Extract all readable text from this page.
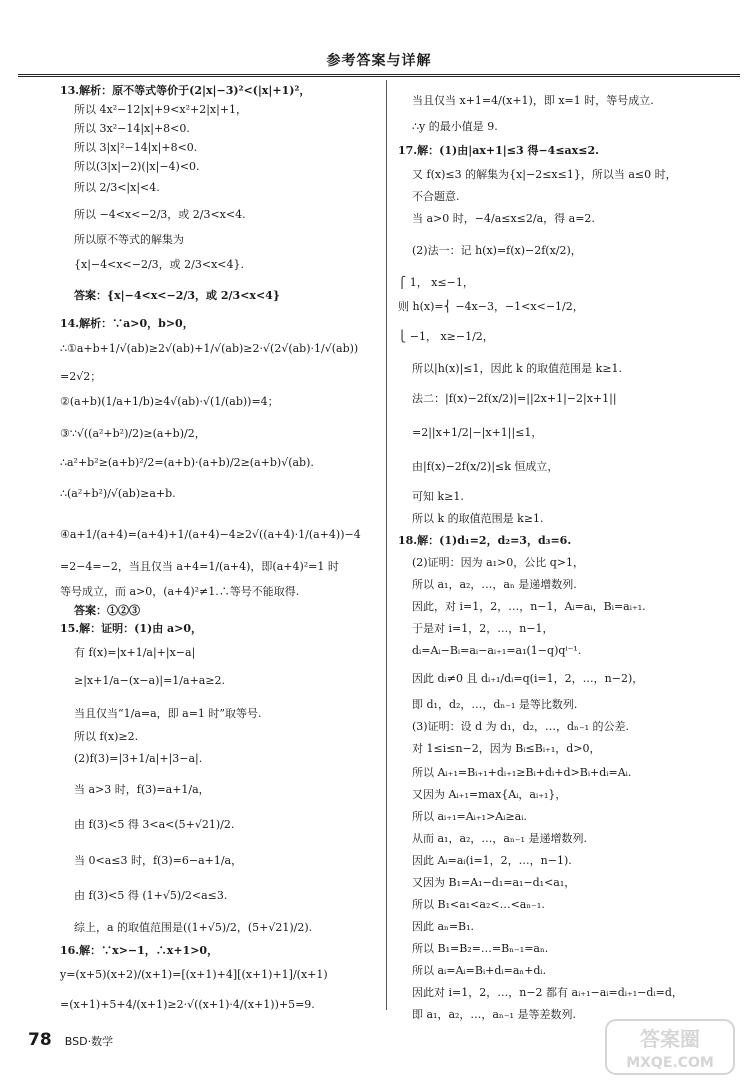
参考答案与详解
13.解析：原不等式等价于(2|x|−3)²<(|x|+1)²，
所以 4x²−12|x|+9<x²+2|x|+1，
所以 3x²−14|x|+8<0.
所以 3|x|²−14|x|+8<0.
所以(3|x|−2)(|x|−4)<0.
所以 2/3<|x|<4.
所以 −4<x<−2/3，或 2/3<x<4.
所以原不等式的解集为
{x|−4<x<−2/3，或 2/3<x<4}.
答案：{x|−4<x<−2/3，或 2/3<x<4}
14.解析：∵a>0，b>0，
∴①a+b+1/√(ab)≥2√(ab)+1/√(ab)≥2·√(2√(ab)·1/√(ab))
=2√2；
②(a+b)(1/a+1/b)≥4√(ab)·√(1/(ab))=4；
③∵√((a²+b²)/2)≥(a+b)/2，
∴a²+b²≥(a+b)²/2=(a+b)·(a+b)/2≥(a+b)√(ab).
∴(a²+b²)/√(ab)≥a+b.
④a+1/(a+4)=(a+4)+1/(a+4)−4≥2√((a+4)·1/(a+4))−4
=2−4=−2，当且仅当 a+4=1/(a+4)，即(a+4)²=1 时
等号成立，而 a>0，(a+4)²≠1.∴等号不能取得.
答案：①②③
15.解：证明：(1)由 a>0，
有 f(x)=|x+1/a|+|x−a|
≥|x+1/a−(x−a)|=1/a+a≥2.
当且仅当“1/a=a，即 a=1 时”取等号.
所以 f(x)≥2.
(2)f(3)=|3+1/a|+|3−a|.
当 a>3 时，f(3)=a+1/a，
由 f(3)<5 得 3<a<(5+√21)/2.
当 0<a≤3 时，f(3)=6−a+1/a，
由 f(3)<5 得 (1+√5)/2<a≤3.
综上，a 的取值范围是((1+√5)/2，(5+√21)/2).
16.解：∵x>−1，∴x+1>0，
y=(x+5)(x+2)/(x+1)=[(x+1)+4][(x+1)+1]/(x+1)
=(x+1)+5+4/(x+1)≥2·√((x+1)·4/(x+1))+5=9.
当且仅当 x+1=4/(x+1)，即 x=1 时，等号成立.
∴y 的最小值是 9.
17.解：(1)由|ax+1|≤3 得−4≤ax≤2.
又 f(x)≤3 的解集为{x|−2≤x≤1}，所以当 a≤0 时，
不合题意.
当 a>0 时，−4/a≤x≤2/a，得 a=2.
(2)法一：记 h(x)=f(x)−2f(x/2)，
⎧ 1， x≤−1，
则 h(x)=⎨ −4x−3，−1<x<−1/2，
⎩ −1， x≥−1/2，
所以|h(x)|≤1，因此 k 的取值范围是 k≥1.
法二：|f(x)−2f(x/2)|=||2x+1|−2|x+1||
=2||x+1/2|−|x+1||≤1，
由|f(x)−2f(x/2)|≤k 恒成立，
可知 k≥1.
所以 k 的取值范围是 k≥1.
18.解：(1)d₁=2，d₂=3，d₃=6.
(2)证明：因为 a₁>0，公比 q>1，
所以 a₁，a₂，…，aₙ 是递增数列.
因此，对 i=1，2，…，n−1，Aᵢ=aᵢ，Bᵢ=aᵢ₊₁.
于是对 i=1，2，…，n−1，
dᵢ=Aᵢ−Bᵢ=aᵢ−aᵢ₊₁=a₁(1−q)qⁱ⁻¹.
因此 dᵢ≠0 且 dᵢ₊₁/dᵢ=q(i=1，2，…，n−2)，
即 d₁，d₂，…，dₙ₋₁ 是等比数列.
(3)证明：设 d 为 d₁，d₂，…，dₙ₋₁ 的公差.
对 1≤i≤n−2，因为 Bᵢ≤Bᵢ₊₁，d>0，
所以 Aᵢ₊₁=Bᵢ₊₁+dᵢ₊₁≥Bᵢ+dᵢ+d>Bᵢ+dᵢ=Aᵢ.
又因为 Aᵢ₊₁=max{Aᵢ，aᵢ₊₁}，
所以 aᵢ₊₁=Aᵢ₊₁>Aᵢ≥aᵢ.
从而 a₁，a₂，…，aₙ₋₁ 是递增数列.
因此 Aᵢ=aᵢ(i=1，2，…，n−1).
又因为 B₁=A₁−d₁=a₁−d₁<a₁，
所以 B₁<a₁<a₂<…<aₙ₋₁.
因此 aₙ=B₁.
所以 B₁=B₂=…=Bₙ₋₁=aₙ.
所以 aᵢ=Aᵢ=Bᵢ+dᵢ=aₙ+dᵢ.
因此对 i=1，2，…，n−2 都有 aᵢ₊₁−aᵢ=dᵢ₊₁−dᵢ=d，
即 a₁，a₂，…，aₙ₋₁ 是等差数列.
78 BSD·数学	答案圈
MXQE.COM
